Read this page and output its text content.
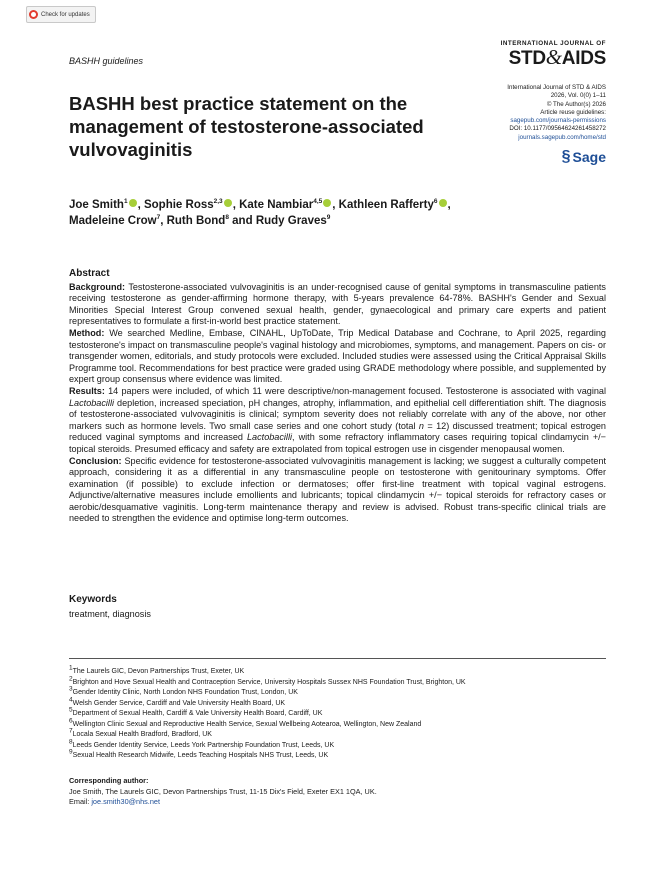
Check for updates
BASHH guidelines
INTERNATIONAL JOURNAL OF
STD&AIDS
International Journal of STD & AIDS
2026, Vol. 0(0) 1–11
© The Author(s) 2026
Article reuse guidelines:
sagepub.com/journals-permissions
DOI: 10.1177/09564624261458272
journals.sagepub.com/home/std
§ Sage
BASHH best practice statement on the management of testosterone-associated vulvovaginitis
Joe Smith$^1$ , Sophie Ross$^{2,3}$ , Kate Nambiar$^{4,5}$ , Kathleen Rafferty$^6$ ,
Madeleine Crow$^7$, Ruth Bond$^8$ and Rudy Graves$^9$
Abstract

Background: Testosterone-associated vulvovaginitis is an under-recognised cause of genital symptoms in transmasculine patients receiving testosterone as gender-affirming hormone therapy, with 5-years prevalence 64-78%. BASHH's Gender and Sexual Minorities Special Interest Group convened sexual health, gender, gynaecological and primary care experts and patient representatives to formulate a first-in-world best practice statement.

Method: We searched Medline, Embase, CINAHL, UpToDate, Trip Medical Database and Cochrane, to April 2025, regarding testosterone's impact on transmasculine people's vaginal histology and microbiomes, symptoms, and management. Papers on cis- or transgender women, editorials, and study protocols were excluded. Included studies were assessed using the Critical Appraisal Skills Programme tool. Recommendations for best practice were graded using GRADE methodology where possible, and supplemented by expert group consensus where evidence was limited.

Results: 14 papers were included, of which 11 were descriptive/non-management focused. Testosterone is associated with vaginal Lactobacilli depletion, increased speciation, pH changes, atrophy, inflammation, and epithelial cell differentiation shift. The diagnosis of testosterone-associated vulvovaginitis is clinical; symptom severity does not reliably correlate with any of the above, nor other markers such as hormone levels. Two small case series and one cohort study (total n = 12) discussed treatment; topical estrogen reduced vaginal symptoms and increased Lactobacilli, with some refractory inflammatory cases requiring topical clindamycin +/− topical steroids. Presumed efficacy and safety are extrapolated from topical estrogen use in cisgender menopausal women.

Conclusion: Specific evidence for testosterone-associated vulvovaginitis management is lacking; we suggest a culturally competent approach, considering it as a differential in any transmasculine people on testosterone with genitourinary symptoms. Offer examination (if possible) to exclude infection or dermatoses; offer first-line treatment with topical vaginal estrogens. Adjunctive/alternative measures include emollients and lubricants; topical clindamycin +/− topical steroids for refractory cases or aerobic/desquamative vaginitis. Long-term maintenance therapy and review is advised. Robust trans-specific clinical trials are needed to strengthen the evidence and optimise long-term outcomes.

Keywords
treatment, diagnosis
$^1$The Laurels GIC, Devon Partnerships Trust, Exeter, UK
$^2$Brighton and Hove Sexual Health and Contraception Service, University Hospitals Sussex NHS Foundation Trust, Brighton, UK
$^3$Gender Identity Clinic, North London NHS Foundation Trust, London, UK
$^4$Welsh Gender Service, Cardiff and Vale University Health Board, UK
$^5$Department of Sexual Health, Cardiff & Vale University Health Board, Cardiff, UK
$^6$Wellington Clinic Sexual and Reproductive Health Service, Sexual Wellbeing Aotearoa, Wellington, New Zealand
$^7$Locala Sexual Health Bradford, Bradford, UK
$^8$Leeds Gender Identity Service, Leeds York Partnership Foundation Trust, Leeds, UK
$^9$Sexual Health Research Midwife, Leeds Teaching Hospitals NHS Trust, Leeds, UK
Corresponding author:
Joe Smith, The Laurels GIC, Devon Partnerships Trust, 11-15 Dix's Field, Exeter EX1 1QA, UK.
Email: joe.smith30@nhs.net
